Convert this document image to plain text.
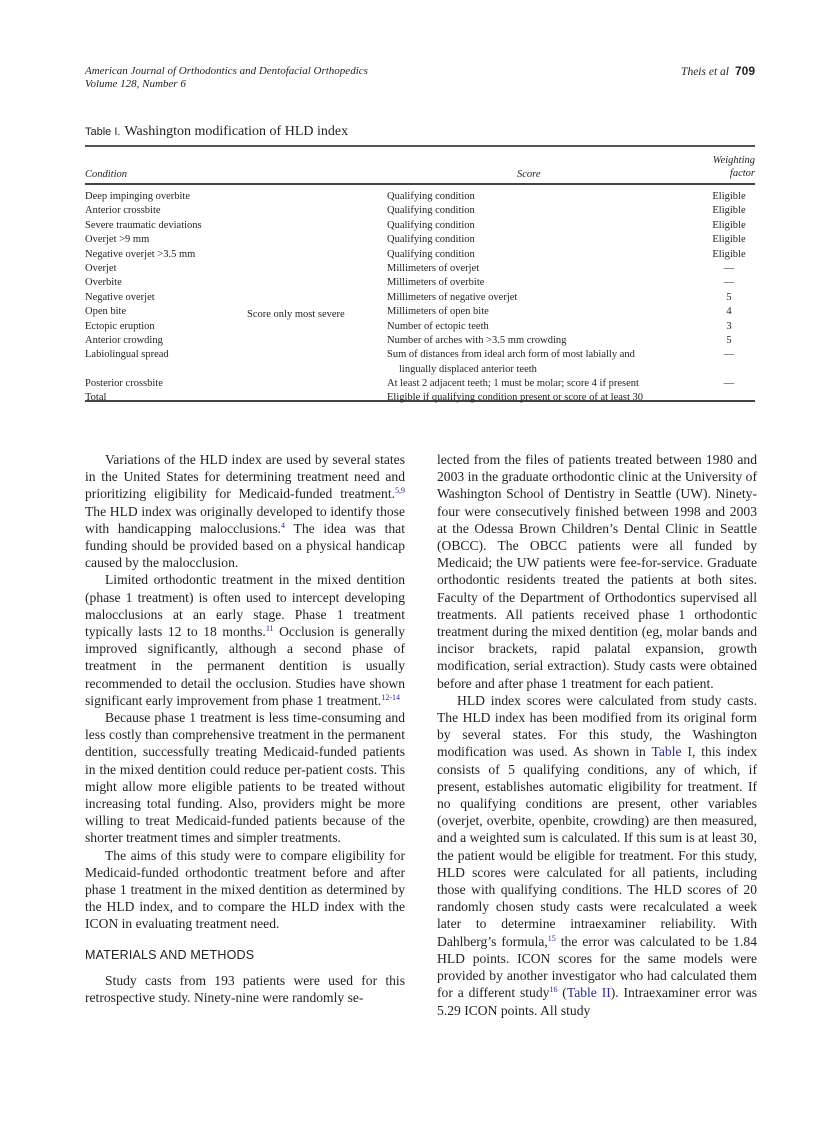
American Journal of Orthodontics and Dentofacial Orthopedics
Volume 128, Number 6
Theis et al 709
Table I. Washington modification of HLD index
Condition	Score
Weighting
factor
Deep impinging overbite
Anterior crossbite
Severe traumatic deviations
Overjet >9 mm
Negative overjet >3.5 mm
Overjet
Overbite
Negative overjet
Open bite
Ectopic eruption
Anterior crowding
Labiolingual spread
Posterior crossbite
Total
Score only most severe
Qualifying condition
Qualifying condition
Qualifying condition
Qualifying condition
Qualifying condition
Millimeters of overjet
Millimeters of overbite
Millimeters of negative overjet
Millimeters of open bite
Number of ectopic teeth
Number of arches with >3.5 mm crowding
Sum of distances from ideal arch form of most labially and
lingually displaced anterior teeth
At least 2 adjacent teeth; 1 must be molar; score 4 if present
Eligible if qualifying condition present or score of at least 30
Eligible
Eligible
Eligible
Eligible
Eligible
—
—
5
4
3
5
—
—

Variations of the HLD index are used by several states in the United States for determining treatment need and prioritizing eligibility for Medicaid-funded treatment.$^{5,9}$ The HLD index was originally developed to identify those with handicapping malocclusions.$^4$ The idea was that funding should be provided based on a physical handicap caused by the malocclusion.

Limited orthodontic treatment in the mixed dentition (phase 1 treatment) is often used to intercept developing malocclusions at an early stage. Phase 1 treatment typically lasts 12 to 18 months.$^{11}$ Occlusion is generally improved significantly, although a second phase of treatment in the permanent dentition is usually recommended to detail the occlusion. Studies have shown significant early improvement from phase 1 treatment.$^{12-14}$

Because phase 1 treatment is less time-consuming and less costly than comprehensive treatment in the permanent dentition, successfully treating Medicaid-funded patients in the mixed dentition could reduce per-patient costs. This might allow more eligible patients to be treated without increasing total funding. Also, providers might be more willing to treat Medicaid-funded patients because of the shorter treatment times and simpler treatments.

The aims of this study were to compare eligibility for Medicaid-funded orthodontic treatment before and after phase 1 treatment in the mixed dentition as determined by the HLD index, and to compare the HLD index with the ICON in evaluating treatment need.

MATERIALS AND METHODS

Study casts from 193 patients were used for this retrospective study. Ninety-nine were randomly se-

lected from the files of patients treated between 1980 and 2003 in the graduate orthodontic clinic at the University of Washington School of Dentistry in Seattle (UW). Ninety-four were consecutively finished between 1998 and 2003 at the Odessa Brown Children’s Dental Clinic in Seattle (OBCC). The OBCC patients were all funded by Medicaid; the UW patients were fee-for-service. Graduate orthodontic residents treated the patients at both sites. Faculty of the Department of Orthodontics supervised all treatments. All patients received phase 1 orthodontic treatment during the mixed dentition (eg, molar bands and incisor brackets, rapid palatal expansion, growth modification, serial extraction). Study casts were obtained before and after phase 1 treatment for each patient.

HLD index scores were calculated from study casts. The HLD index has been modified from its original form by several states. For this study, the Washington modification was used. As shown in Table I, this index consists of 5 qualifying conditions, any of which, if present, establishes automatic eligibility for treatment. If no qualifying conditions are present, other variables (overjet, overbite, openbite, crowding) are then measured, and a weighted sum is calculated. If this sum is at least 30, the patient would be eligible for treatment. For this study, HLD scores were calculated for all patients, including those with qualifying conditions. The HLD scores of 20 randomly chosen study casts were recalculated a week later to determine intraexaminer reliability. With Dahlberg’s formula,$^{15}$ the error was calculated to be 1.84 HLD points. ICON scores for the same models were provided by another investigator who had calculated them for a different study$^{16}$ (Table II). Intraexaminer error was 5.29 ICON points. All study
